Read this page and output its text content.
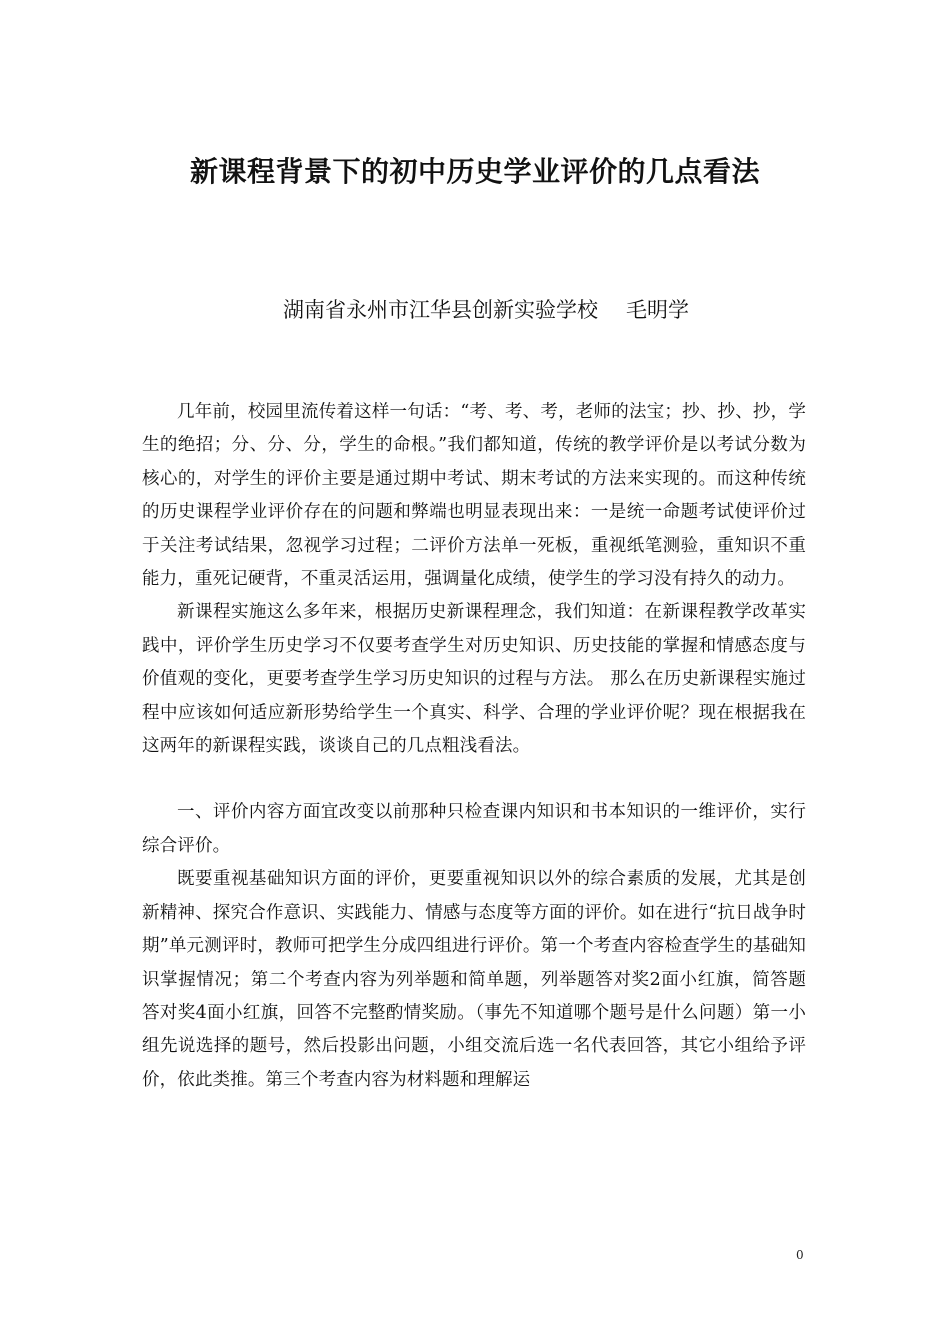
新课程背景下的初中历史学业评价的几点看法

湖南省永州市江华县创新实验学校 毛明学

几年前，校园里流传着这样一句话：“考、考、考，老师的法宝；抄、抄、抄，学生的绝招；分、分、分，学生的命根。”我们都知道，传统的教学评价是以考试分数为核心的，对学生的评价主要是通过期中考试、期末考试的方法来实现的。而这种传统的历史课程学业评价存在的问题和弊端也明显表现出来：一是统一命题考试使评价过于关注考试结果，忽视学习过程；二评价方法单一死板，重视纸笔测验，重知识不重能力，重死记硬背，不重灵活运用，强调量化成绩，使学生的学习没有持久的动力。

新课程实施这么多年来，根据历史新课程理念，我们知道：在新课程教学改革实践中，评价学生历史学习不仅要考查学生对历史知识、历史技能的掌握和情感态度与价值观的变化，更要考查学生学习历史知识的过程与方法。 那么在历史新课程实施过程中应该如何适应新形势给学生一个真实、科学、合理的学业评价呢？现在根据我在这两年的新课程实践，谈谈自己的几点粗浅看法。

一、评价内容方面宜改变以前那种只检查课内知识和书本知识的一维评价，实行综合评价。

既要重视基础知识方面的评价，更要重视知识以外的综合素质的发展，尤其是创新精神、探究合作意识、实践能力、情感与态度等方面的评价。如在进行“抗日战争时期”单元测评时，教师可把学生分成四组进行评价。第一个考查内容检查学生的基础知识掌握情况；第二个考查内容为列举题和简单题，列举题答对奖2面小红旗，简答题答对奖4面小红旗，回答不完整酌情奖励。（事先不知道哪个题号是什么问题）第一小组先说选择的题号，然后投影出问题，小组交流后选一名代表回答，其它小组给予评价，依此类推。第三个考查内容为材料题和理解运

0
